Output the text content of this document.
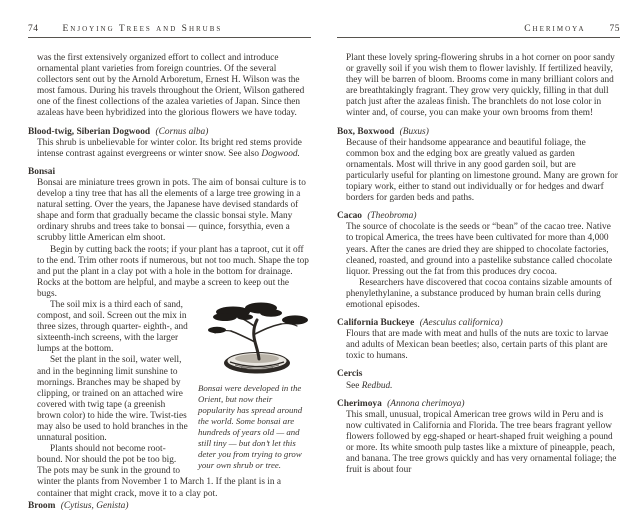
74	Enjoying Trees and Shrubs

was the first extensively organized effort to collect and introduce ornamental plant varieties from foreign countries. Of the several collectors sent out by the Arnold Arboretum, Ernest H. Wilson was the most famous. During his travels throughout the Orient, Wilson gathered one of the finest collections of the azalea varieties of Japan. Since then azaleas have been hybridized into the glorious flowers we have today.

Blood-twig, Siberian Dogwood (Cornus alba)

This shrub is unbelievable for winter color. Its bright red stems provide intense contrast against evergreens or winter snow. See also Dogwood.

Bonsai

Bonsai are miniature trees grown in pots. The aim of bonsai culture is to develop a tiny tree that has all the elements of a large tree growing in a natural setting. Over the years, the Japanese have devised standards of shape and form that gradually became the classic bonsai style. Many ordinary shrubs and trees take to bonsai — quince, forsythia, even a scrubby little American elm shoot.

Begin by cutting back the roots; if your plant has a taproot, cut it off to the end. Trim other roots if numerous, but not too much. Shape the top and put the plant in a clay pot with a hole in the bottom for drainage. Rocks at the bottom are helpful, and maybe a screen to keep out the bugs.

Bonsai were developed in the Orient, but now their popularity has spread around the world. Some bonsai are hundreds of years old — and still tiny — but don’t let this deter you from trying to grow your own shrub or tree.

The soil mix is a third each of sand, compost, and soil. Screen out the mix in three sizes, through quarter- eighth-, and sixteenth-inch screens, with the larger lumps at the bottom.

Set the plant in the soil, water well, and in the beginning limit sunshine to mornings. Branches may be shaped by clipping, or trained on an attached wire covered with twig tape (a greenish brown color) to hide the wire. Twist-ties may also be used to hold branches in the unnatural position.

Plants should not become root-bound. Nor should the pot be too big. The pots may be sunk in the ground to winter the plants from November 1 to March 1. If the plant is in a container that might crack, move it to a clay pot.

Broom (Cytisus, Genista)
Cherimoya	75

Plant these lovely spring-flowering shrubs in a hot corner on poor sandy or gravelly soil if you wish them to flower lavishly. If fertilized heavily, they will be barren of bloom. Brooms come in many brilliant colors and are breathtakingly fragrant. They grow very quickly, filling in that dull patch just after the azaleas finish. The branchlets do not lose color in winter and, of course, you can make your own brooms from them!

Box, Boxwood (Buxus)

Because of their handsome appearance and beautiful foliage, the common box and the edging box are greatly valued as garden ornamentals. Most will thrive in any good garden soil, but are particularly useful for planting on limestone ground. Many are grown for topiary work, either to stand out individually or for hedges and dwarf borders for garden beds and paths.

Cacao (Theobroma)

The source of chocolate is the seeds or “bean” of the cacao tree. Native to tropical America, the trees have been cultivated for more than 4,000 years. After the canes are dried they are shipped to chocolate factories, cleaned, roasted, and ground into a pastelike substance called chocolate liquor. Pressing out the fat from this produces dry cocoa.

Researchers have discovered that cocoa contains sizable amounts of phenylethylanine, a substance produced by human brain cells during emotional episodes.

California Buckeye (Aesculus californica)

Flours that are made with meat and hulls of the nuts are toxic to larvae and adults of Mexican bean beetles; also, certain parts of this plant are toxic to humans.

Cercis

See Redbud.

Cherimoya (Annona cherimoya)

This small, unusual, tropical American tree grows wild in Peru and is now cultivated in California and Florida. The tree bears fragrant yellow flowers followed by egg-shaped or heart-shaped fruit weighing a pound or more. Its white smooth pulp tastes like a mixture of pineapple, peach, and banana. The tree grows quickly and has very ornamental foliage; the fruit is about four
